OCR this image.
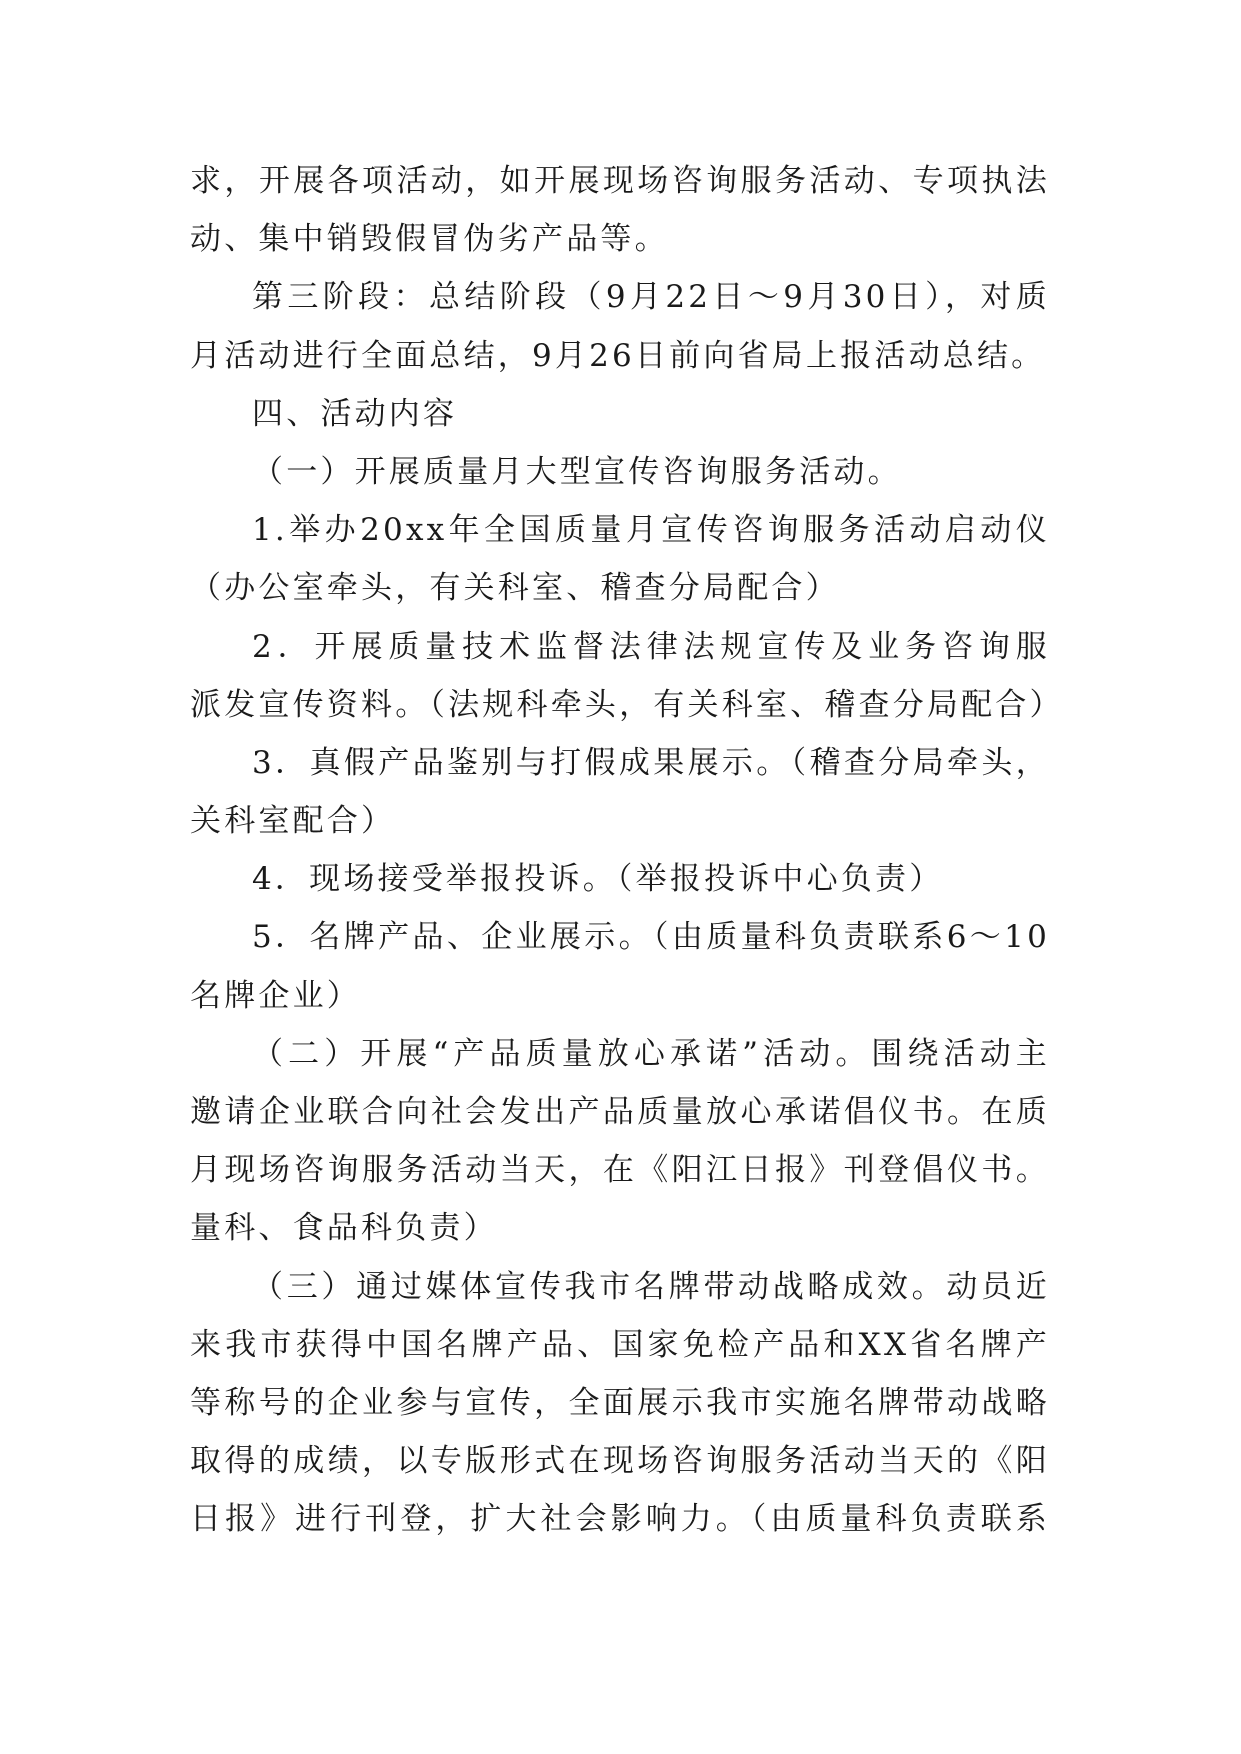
求，开展各项活动，如开展现场咨询服务活动、专项执法
动、集中销毁假冒伪劣产品等。
第三阶段：总结阶段（9月22日～9月30日），对质
月活动进行全面总结，9月26日前向省局上报活动总结。
四、活动内容
（一）开展质量月大型宣传咨询服务活动。
1.举办20xx年全国质量月宣传咨询服务活动启动仪
（办公室牵头，有关科室、稽查分局配合）
2．开展质量技术监督法律法规宣传及业务咨询服
派发宣传资料。（法规科牵头，有关科室、稽查分局配合）
3．真假产品鉴别与打假成果展示。（稽查分局牵头，
关科室配合）
4．现场接受举报投诉。（举报投诉中心负责）
5．名牌产品、企业展示。（由质量科负责联系6～10
名牌企业）
（二）开展“产品质量放心承诺”活动。围绕活动主
邀请企业联合向社会发出产品质量放心承诺倡仪书。在质
月现场咨询服务活动当天，在《阳江日报》刊登倡仪书。
量科、食品科负责）
（三）通过媒体宣传我市名牌带动战略成效。动员近
来我市获得中国名牌产品、国家免检产品和XX省名牌产
等称号的企业参与宣传，全面展示我市实施名牌带动战略
取得的成绩，以专版形式在现场咨询服务活动当天的《阳
日报》进行刊登，扩大社会影响力。（由质量科负责联系
